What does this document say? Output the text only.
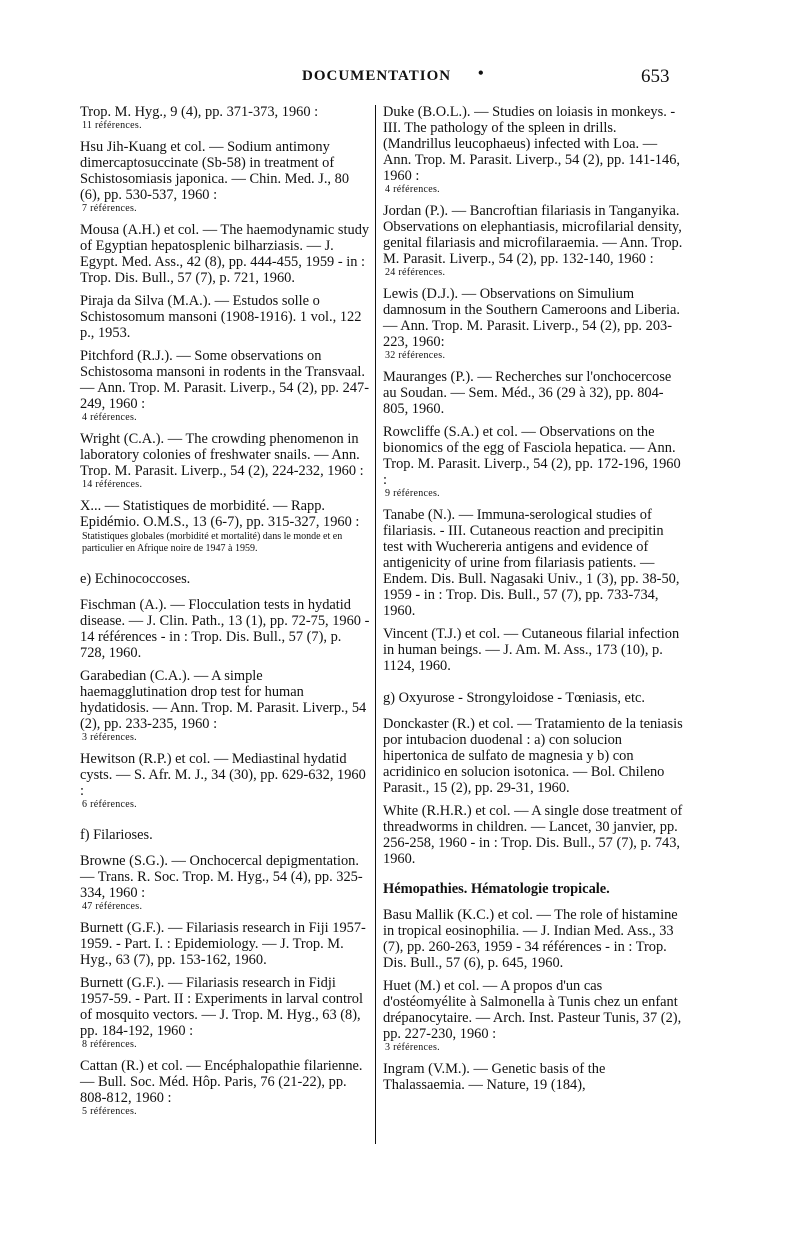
DOCUMENTATION •	653
Trop. M. Hyg., 9 (4), pp. 371-373, 1960 :
11 références.
Hsu Jih-Kuang et col. — Sodium antimony dimercaptosuccinate (Sb-58) in treatment of Schistosomiasis japonica. — Chin. Med. J., 80 (6), pp. 530-537, 1960 :
7 références.
Mousa (A.H.) et col. — The haemodynamic study of Egyptian hepatosplenic bilharziasis. — J. Egypt. Med. Ass., 42 (8), pp. 444-455, 1959 - in : Trop. Dis. Bull., 57 (7), p. 721, 1960.
Piraja da Silva (M.A.). — Estudos solle o Schistosomum mansoni (1908-1916). 1 vol., 122 p., 1953.
Pitchford (R.J.). — Some observations on Schistosoma mansoni in rodents in the Transvaal. — Ann. Trop. M. Parasit. Liverp., 54 (2), pp. 247-249, 1960 :
4 références.
Wright (C.A.). — The crowding phenomenon in laboratory colonies of freshwater snails. — Ann. Trop. M. Parasit. Liverp., 54 (2), 224-232, 1960 :
14 références.
X... — Statistiques de morbidité. — Rapp. Epidémio. O.M.S., 13 (6-7), pp. 315-327, 1960 :
Statistiques globales (morbidité et mortalité) dans le monde et en particulier en Afrique noire de 1947 à 1959.
e) Echinococcoses.
Fischman (A.). — Flocculation tests in hydatid disease. — J. Clin. Path., 13 (1), pp. 72-75, 1960 - 14 références - in : Trop. Dis. Bull., 57 (7), p. 728, 1960.
Garabedian (C.A.). — A simple haemagglutination drop test for human hydatidosis. — Ann. Trop. M. Parasit. Liverp., 54 (2), pp. 233-235, 1960 :
3 références.
Hewitson (R.P.) et col. — Mediastinal hydatid cysts. — S. Afr. M. J., 34 (30), pp. 629-632, 1960 :
6 références.
f) Filarioses.
Browne (S.G.). — Onchocercal depigmentation. — Trans. R. Soc. Trop. M. Hyg., 54 (4), pp. 325-334, 1960 :
47 références.
Burnett (G.F.). — Filariasis research in Fiji 1957-1959. - Part. I. : Epidemiology. — J. Trop. M. Hyg., 63 (7), pp. 153-162, 1960.
Burnett (G.F.). — Filariasis research in Fidji 1957-59. - Part. II : Experiments in larval control of mosquito vectors. — J. Trop. M. Hyg., 63 (8), pp. 184-192, 1960 :
8 références.
Cattan (R.) et col. — Encéphalopathie filarienne. — Bull. Soc. Méd. Hôp. Paris, 76 (21-22), pp. 808-812, 1960 :
5 références.
Duke (B.O.L.). — Studies on loiasis in monkeys. - III. The pathology of the spleen in drills. (Mandrillus leucophaeus) infected with Loa. — Ann. Trop. M. Parasit. Liverp., 54 (2), pp. 141-146, 1960 :
4 références.
Jordan (P.). — Bancroftian filariasis in Tanganyika. Observations on elephantiasis, microfilarial density, genital filariasis and microfilaraemia. — Ann. Trop. M. Parasit. Liverp., 54 (2), pp. 132-140, 1960 :
24 références.
Lewis (D.J.). — Observations on Simulium damnosum in the Southern Cameroons and Liberia. — Ann. Trop. M. Parasit. Liverp., 54 (2), pp. 203-223, 1960:
32 références.
Mauranges (P.). — Recherches sur l'onchocercose au Soudan. — Sem. Méd., 36 (29 à 32), pp. 804-805, 1960.
Rowcliffe (S.A.) et col. — Observations on the bionomics of the egg of Fasciola hepatica. — Ann. Trop. M. Parasit. Liverp., 54 (2), pp. 172-196, 1960 :
9 références.
Tanabe (N.). — Immuna-serological studies of filariasis. - III. Cutaneous reaction and precipitin test with Wuchereria antigens and evidence of antigenicity of urine from filariasis patients. — Endem. Dis. Bull. Nagasaki Univ., 1 (3), pp. 38-50, 1959 - in : Trop. Dis. Bull., 57 (7), pp. 733-734, 1960.
Vincent (T.J.) et col. — Cutaneous filarial infection in human beings. — J. Am. M. Ass., 173 (10), p. 1124, 1960.
g) Oxyurose - Strongyloidose - Tœniasis, etc.
Donckaster (R.) et col. — Tratamiento de la teniasis por intubacion duodenal : a) con solucion hipertonica de sulfato de magnesia y b) con acridinico en solucion isotonica. — Bol. Chileno Parasit., 15 (2), pp. 29-31, 1960.
White (R.H.R.) et col. — A single dose treatment of threadworms in children. — Lancet, 30 janvier, pp. 256-258, 1960 - in : Trop. Dis. Bull., 57 (7), p. 743, 1960.
Hémopathies. Hématologie tropicale.
Basu Mallik (K.C.) et col. — The role of histamine in tropical eosinophilia. — J. Indian Med. Ass., 33 (7), pp. 260-263, 1959 - 34 références - in : Trop. Dis. Bull., 57 (6), p. 645, 1960.
Huet (M.) et col. — A propos d'un cas d'ostéomyélite à Salmonella à Tunis chez un enfant drépanocytaire. — Arch. Inst. Pasteur Tunis, 37 (2), pp. 227-230, 1960 :
3 références.
Ingram (V.M.). — Genetic basis of the Thalassaemia. — Nature, 19 (184),
